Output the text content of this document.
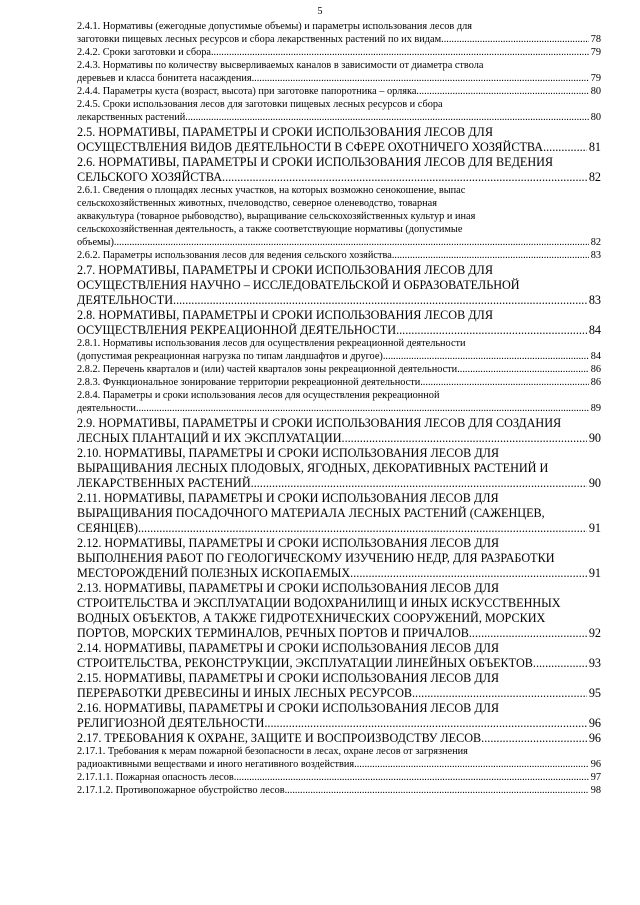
5
2.4.1. Нормативы (ежегодные допустимые объемы) и параметры использования лесов для
заготовки пищевых лесных ресурсов и сбора лекарственных растений по их видам .....	78
2.4.2. Сроки заготовки и сбора .....	79
2.4.3. Нормативы по количеству высверливаемых каналов в зависимости от диаметра ствола
деревьев и класса бонитета насаждения .....	79
2.4.4. Параметры куста (возраст, высота) при заготовке папоротника – орляка .....	80
2.4.5. Сроки использования лесов для заготовки пищевых лесных ресурсов и сбора
лекарственных растений .....	80
2.5. НОРМАТИВЫ, ПАРАМЕТРЫ И СРОКИ ИСПОЛЬЗОВАНИЯ ЛЕСОВ ДЛЯ
ОСУЩЕСТВЛЕНИЯ ВИДОВ ДЕЯТЕЛЬНОСТИ В СФЕРЕ ОХОТНИЧЕГО ХОЗЯЙСТВА .....	81
2.6. НОРМАТИВЫ, ПАРАМЕТРЫ И СРОКИ ИСПОЛЬЗОВАНИЯ ЛЕСОВ ДЛЯ ВЕДЕНИЯ
СЕЛЬСКОГО ХОЗЯЙСТВА .....	82
2.6.1. Сведения о площадях лесных участков, на которых возможно сенокошение, выпас
сельскохозяйственных животных, пчеловодство, северное оленеводство, товарная
аквакультура (товарное рыбоводство), выращивание сельскохозяйственных культур и иная
сельскохозяйственная деятельность, а также соответствующие нормативы (допустимые
объемы) .....	82
2.6.2. Параметры использования лесов для ведения сельского хозяйства .....	83
2.7. НОРМАТИВЫ, ПАРАМЕТРЫ И СРОКИ ИСПОЛЬЗОВАНИЯ ЛЕСОВ ДЛЯ
ОСУЩЕСТВЛЕНИЯ НАУЧНО – ИССЛЕДОВАТЕЛЬСКОЙ И ОБРАЗОВАТЕЛЬНОЙ
ДЕЯТЕЛЬНОСТИ .....	83
2.8. НОРМАТИВЫ, ПАРАМЕТРЫ И СРОКИ ИСПОЛЬЗОВАНИЯ ЛЕСОВ ДЛЯ
ОСУЩЕСТВЛЕНИЯ РЕКРЕАЦИОННОЙ ДЕЯТЕЛЬНОСТИ .....	84
2.8.1. Нормативы использования лесов для осуществления рекреационной деятельности
(допустимая рекреационная нагрузка по типам ландшафтов и другое) .....	84
2.8.2. Перечень кварталов и (или) частей кварталов зоны рекреационной деятельности .....	86
2.8.3. Функциональное зонирование территории рекреационной деятельности .....	86
2.8.4. Параметры и сроки использования лесов для осуществления рекреационной
деятельности .....	89
2.9. НОРМАТИВЫ, ПАРАМЕТРЫ И СРОКИ ИСПОЛЬЗОВАНИЯ ЛЕСОВ ДЛЯ СОЗДАНИЯ
ЛЕСНЫХ ПЛАНТАЦИЙ И ИХ ЭКСПЛУАТАЦИИ .....	90
2.10. НОРМАТИВЫ, ПАРАМЕТРЫ И СРОКИ ИСПОЛЬЗОВАНИЯ ЛЕСОВ ДЛЯ
ВЫРАЩИВАНИЯ ЛЕСНЫХ ПЛОДОВЫХ, ЯГОДНЫХ, ДЕКОРАТИВНЫХ РАСТЕНИЙ И
ЛЕКАРСТВЕННЫХ РАСТЕНИЙ .....	90
2.11. НОРМАТИВЫ, ПАРАМЕТРЫ И СРОКИ ИСПОЛЬЗОВАНИЯ ЛЕСОВ ДЛЯ
ВЫРАЩИВАНИЯ ПОСАДОЧНОГО МАТЕРИАЛА ЛЕСНЫХ РАСТЕНИЙ (САЖЕНЦЕВ,
СЕЯНЦЕВ) .....	91
2.12. НОРМАТИВЫ, ПАРАМЕТРЫ И СРОКИ ИСПОЛЬЗОВАНИЯ ЛЕСОВ ДЛЯ
ВЫПОЛНЕНИЯ РАБОТ ПО ГЕОЛОГИЧЕСКОМУ ИЗУЧЕНИЮ НЕДР, ДЛЯ РАЗРАБОТКИ
МЕСТОРОЖДЕНИЙ ПОЛЕЗНЫХ ИСКОПАЕМЫХ .....	91
2.13. НОРМАТИВЫ, ПАРАМЕТРЫ И СРОКИ ИСПОЛЬЗОВАНИЯ ЛЕСОВ ДЛЯ
СТРОИТЕЛЬСТВА И ЭКСПЛУАТАЦИИ ВОДОХРАНИЛИЩ И ИНЫХ ИСКУССТВЕННЫХ
ВОДНЫХ ОБЪЕКТОВ, А ТАКЖЕ ГИДРОТЕХНИЧЕСКИХ СООРУЖЕНИЙ, МОРСКИХ
ПОРТОВ, МОРСКИХ ТЕРМИНАЛОВ, РЕЧНЫХ ПОРТОВ И ПРИЧАЛОВ .....	92
2.14. НОРМАТИВЫ, ПАРАМЕТРЫ И СРОКИ ИСПОЛЬЗОВАНИЯ ЛЕСОВ ДЛЯ
СТРОИТЕЛЬСТВА, РЕКОНСТРУКЦИИ, ЭКСПЛУАТАЦИИ ЛИНЕЙНЫХ ОБЪЕКТОВ .....	93
2.15. НОРМАТИВЫ, ПАРАМЕТРЫ И СРОКИ ИСПОЛЬЗОВАНИЯ ЛЕСОВ ДЛЯ
ПЕРЕРАБОТКИ ДРЕВЕСИНЫ И ИНЫХ ЛЕСНЫХ РЕСУРСОВ .....	95
2.16. НОРМАТИВЫ, ПАРАМЕТРЫ И СРОКИ ИСПОЛЬЗОВАНИЯ ЛЕСОВ ДЛЯ
РЕЛИГИОЗНОЙ ДЕЯТЕЛЬНОСТИ .....	96
2.17. ТРЕБОВАНИЯ К ОХРАНЕ, ЗАЩИТЕ И ВОСПРОИЗВОДСТВУ ЛЕСОВ .....	96
2.17.1. Требования к мерам пожарной безопасности в лесах, охране лесов от загрязнения
радиоактивными веществами и иного негативного воздействия .....	96
2.17.1.1. Пожарная опасность лесов .....	97
2.17.1.2. Противопожарное обустройство лесов .....	98
